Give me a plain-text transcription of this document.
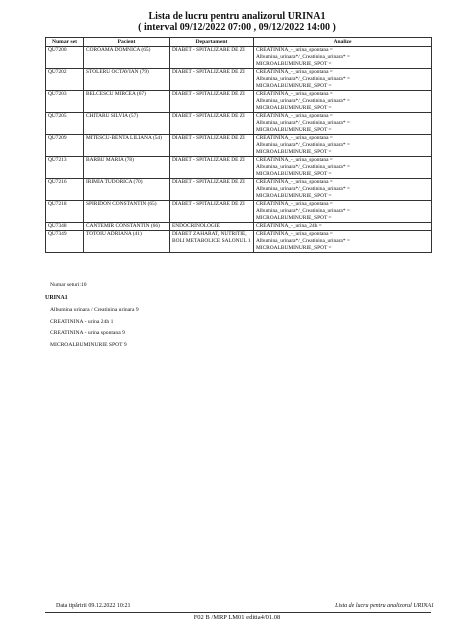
Lista de lucru pentru analizorul URINA1
( interval 09/12/2022 07:00 , 09/12/2022 14:00 )
Numar set	Pacient	Departament	Analize
QU7200	COROAMA DOMNICA (65)	DIABET - SPITALIZARE DE ZI	CREATININA_-_urina_spontana =
Albumina_urinara*/_Creatinina_urinara* =
MICROALBUMINURIE_SPOT =

QU7202	STOLERU OCTAVIAN (79)	DIABET - SPITALIZARE DE ZI	CREATININA_-_urina_spontana =
Albumina_urinara*/_Creatinina_urinara* =
MICROALBUMINURIE_SPOT =

QU7203	BELCESCU MIRCEA (67)	DIABET - SPITALIZARE DE ZI	CREATININA_-_urina_spontana =
Albumina_urinara*/_Creatinina_urinara* =
MICROALBUMINURIE_SPOT =

QU7205	CHITARU SILVIA (57)	DIABET - SPITALIZARE DE ZI	CREATININA_-_urina_spontana =
Albumina_urinara*/_Creatinina_urinara* =
MICROALBUMINURIE_SPOT =

QU7209	MITESCU-BENTA LILIANA (54)	DIABET - SPITALIZARE DE ZI	CREATININA_-_urina_spontana =
Albumina_urinara*/_Creatinina_urinara* =
MICROALBUMINURIE_SPOT =

QU7213	BARBU MARIA (78)	DIABET - SPITALIZARE DE ZI	CREATININA_-_urina_spontana =
Albumina_urinara*/_Creatinina_urinara* =
MICROALBUMINURIE_SPOT =

QU7216	IRIMIA TUDORICA (70)	DIABET - SPITALIZARE DE ZI	CREATININA_-_urina_spontana =
Albumina_urinara*/_Creatinina_urinara* =
MICROALBUMINURIE_SPOT =

QU7218	SPIRIDON CONSTANTIN (65)	DIABET - SPITALIZARE DE ZI	CREATININA_-_urina_spontana =
Albumina_urinara*/_Creatinina_urinara* =
MICROALBUMINURIE_SPOT =

QU7348	CANTEMIR CONSTANTIN (66)	ENDOCRINOLOGIE	CREATININA_-_urina_24h =

QU7349	TOTOIU ADRIANA (41)	DIABET ZAHARAT, NUTRITIE, BOLI METABOLICE SALONUL 1	CREATININA_-_urina_spontana =
Albumina_urinara*/_Creatinina_urinara* =
MICROALBUMINURIE_SPOT =
Numar seturi:10
URINA1
Albumina urinara / Creatinina urinara 9
CREATININA - urina 24h 1
CREATININA - urina spontana 9
MICROALBUMINURIE SPOT 9
Data tipăririi 09.12.2022 10:21	Lista de lucru pentru analizorul URINA1
F02 B /MRP LM01 editia4/01.08
